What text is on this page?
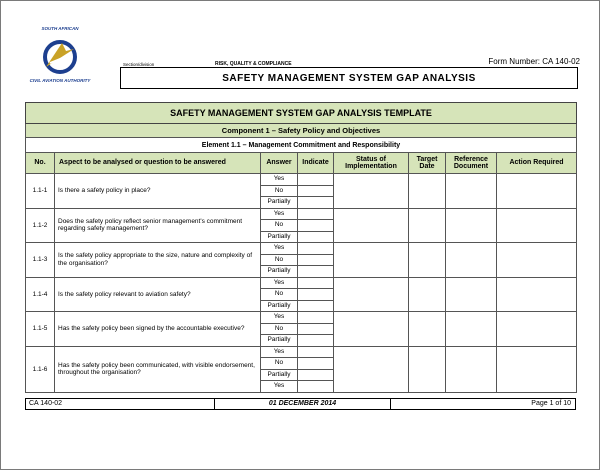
SOUTH AFRICAN
CIVIL AVIATION AUTHORITY
Section/division	RISK, QUALITY & COMPLIANCE	Form Number: CA 140-02
SAFETY MANAGEMENT SYSTEM GAP ANALYSIS
SAFETY MANAGEMENT SYSTEM GAP ANALYSIS TEMPLATE							
Component 1 – Safety Policy and Objectives							
Element 1.1 – Management Commitment and Responsibility							
No.	Aspect to be analysed or question to be answered	Answer	Indicate	Status of Implementation	Target Date	Reference Document	Action Required
1.1-1	Is there a safety policy in place?	Yes
No
Partially					

1.1-2	Does the safety policy reflect senior management's commitment regarding safety management?	Yes
No
Partially					

1.1-3	Is the safety policy appropriate to the size, nature and complexity of the organisation?	Yes
No
Partially					

1.1-4	Is the safety policy relevant to aviation safety?	Yes
No
Partially					

1.1-5	Has the safety policy been signed by the accountable executive?	Yes
No
Partially					

1.1-6	Has the safety policy been communicated, with visible endorsement, throughout the organisation?	Yes
No
Partially
Yes					

CA 140-02	01 DECEMBER 2014	Page 1 of 10
